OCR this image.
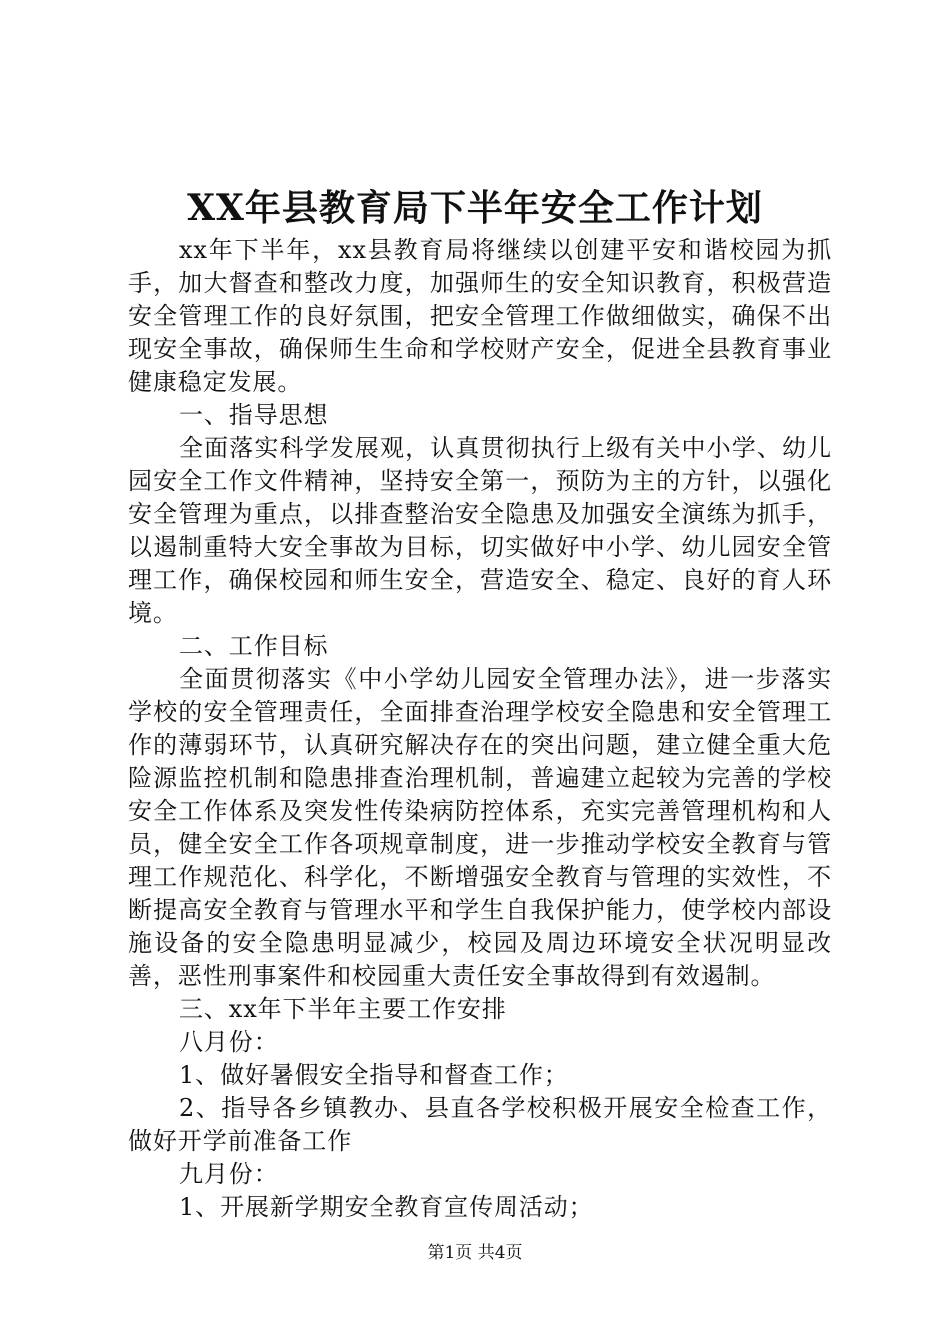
XX年县教育局下半年安全工作计划

xx年下半年，xx县教育局将继续以创建平安和谐校园为抓手，加大督查和整改力度，加强师生的安全知识教育，积极营造安全管理工作的良好氛围，把安全管理工作做细做实，确保不出现安全事故，确保师生生命和学校财产安全，促进全县教育事业健康稳定发展。

一、指导思想

全面落实科学发展观，认真贯彻执行上级有关中小学、幼儿园安全工作文件精神，坚持安全第一，预防为主的方针，以强化安全管理为重点，以排查整治安全隐患及加强安全演练为抓手，以遏制重特大安全事故为目标，切实做好中小学、幼儿园安全管理工作，确保校园和师生安全，营造安全、稳定、良好的育人环境。

二、工作目标

全面贯彻落实《中小学幼儿园安全管理办法》，进一步落实学校的安全管理责任，全面排查治理学校安全隐患和安全管理工作的薄弱环节，认真研究解决存在的突出问题，建立健全重大危险源监控机制和隐患排查治理机制，普遍建立起较为完善的学校安全工作体系及突发性传染病防控体系，充实完善管理机构和人员，健全安全工作各项规章制度，进一步推动学校安全教育与管理工作规范化、科学化，不断增强安全教育与管理的实效性，不断提高安全教育与管理水平和学生自我保护能力，使学校内部设施设备的安全隐患明显减少，校园及周边环境安全状况明显改善，恶性刑事案件和校园重大责任安全事故得到有效遏制。

三、xx年下半年主要工作安排

八月份：

1、做好暑假安全指导和督查工作；

2、指导各乡镇教办、县直各学校积极开展安全检查工作，做好开学前准备工作

九月份：

1、开展新学期安全教育宣传周活动；

第1页 共4页
